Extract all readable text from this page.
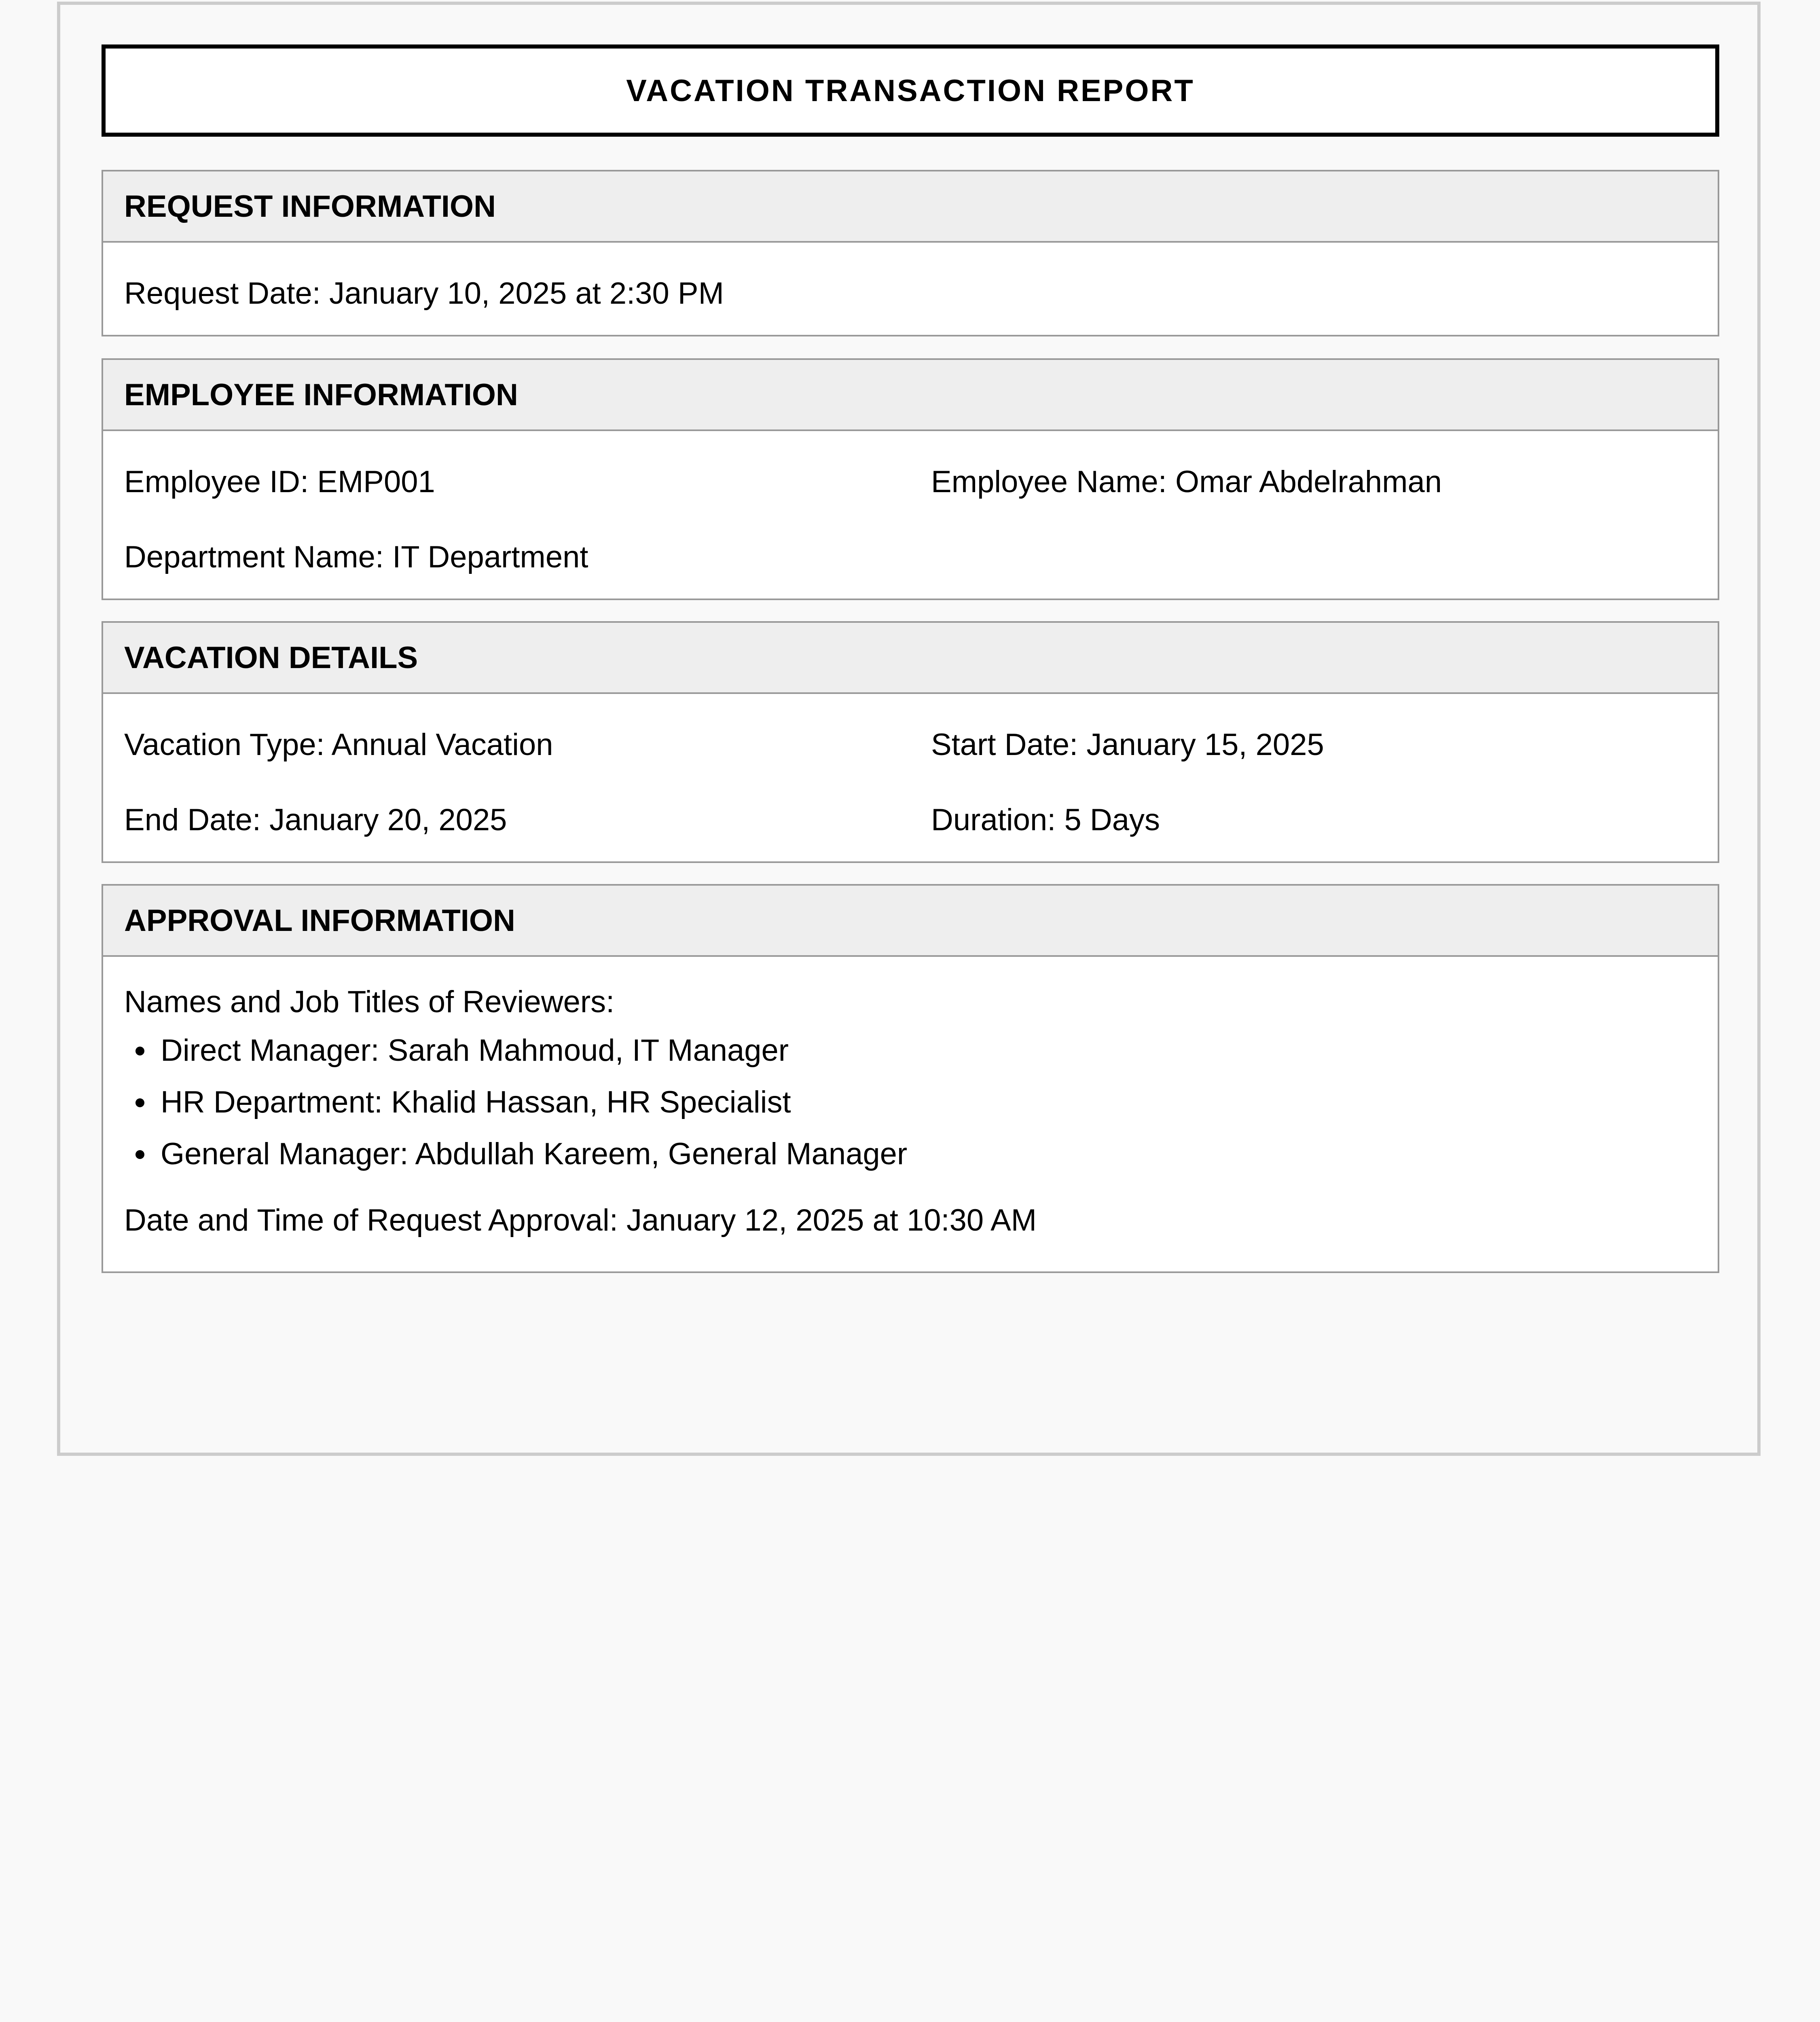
VACATION TRANSACTION REPORT
REQUEST INFORMATION
Request Date: January 10, 2025 at 2:30 PM
EMPLOYEE INFORMATION
Employee ID: EMP001	Employee Name: Omar Abdelrahman
Department Name: IT Department
VACATION DETAILS
Vacation Type: Annual Vacation	Start Date: January 15, 2025
End Date: January 20, 2025	Duration: 5 Days
APPROVAL INFORMATION
Names and Job Titles of Reviewers:
Direct Manager: Sarah Mahmoud, IT Manager
HR Department: Khalid Hassan, HR Specialist
General Manager: Abdullah Kareem, General Manager
Date and Time of Request Approval: January 12, 2025 at 10:30 AM
